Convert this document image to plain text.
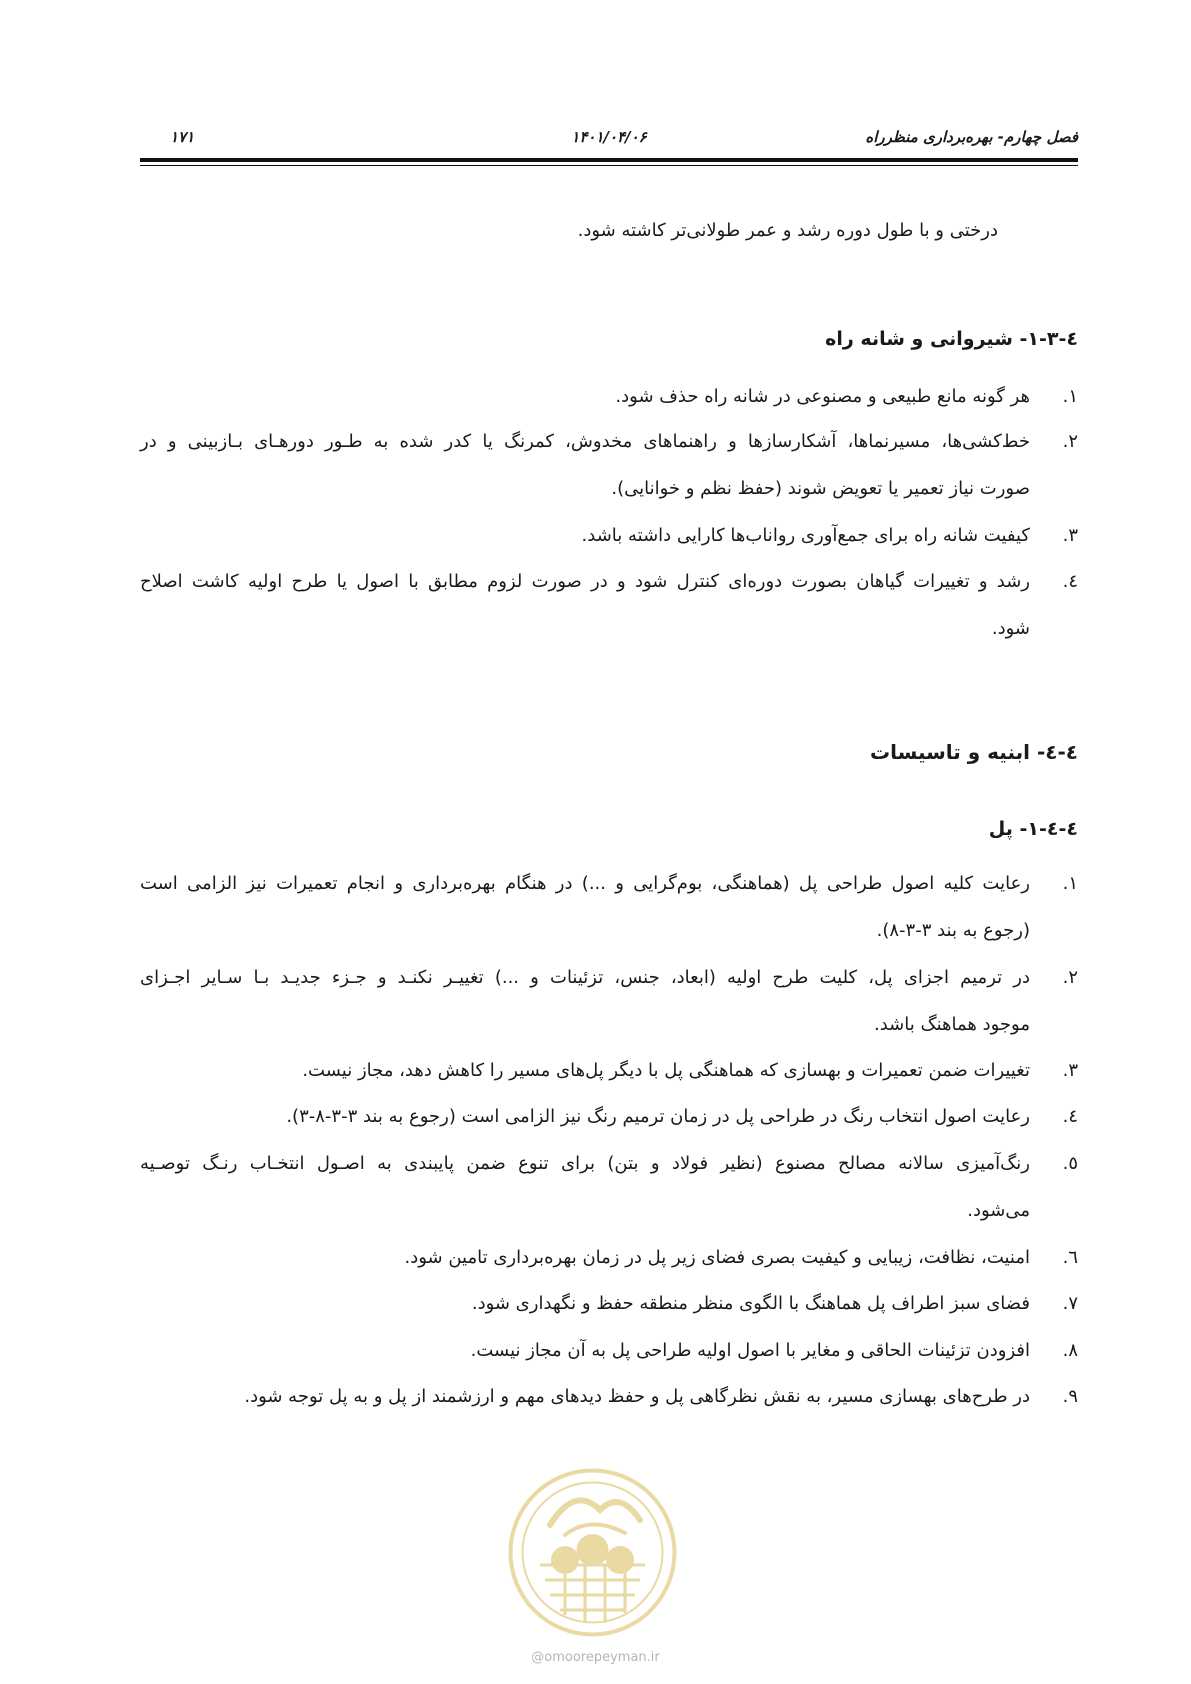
فصل چهارم- بهره‌برداری منظرراه
۱۴۰۱/۰۴/۰۶
۱۷۱
درختی و با طول دوره رشد و عمر طولانی‌تر کاشته شود.
٤-٣-١- شیروانی و شانه راه
١.
هر گونه مانع طبیعی و مصنوعی در شانه راه حذف شود.
٢.
خط‌کشی‌ها، مسیرنماها، آشکارسازها و راهنماهای مخدوش، کمرنگ یا کدر شده به طـور دورهـای بـازبینی و در
صورت نیاز تعمیر یا تعویض شوند (حفظ نظم و خوانایی).
٣.
کیفیت شانه راه برای جمع‌آوری رواناب‌ها کارایی داشته باشد.
٤.
رشد و تغییرات گیاهان بصورت دوره‌ای کنترل شود و در صورت لزوم مطابق با اصول یا طرح اولیه کاشت اصلاح
شود.
٤-٤- ابنیه و تاسیسات
٤-٤-١- پل
١.
رعایت کلیه اصول طراحی پل (هماهنگی، بوم‌گرایی و ...) در هنگام بهره‌برداری و انجام تعمیرات نیز الزامی است
(رجوع به بند ٣-٣-٨).
٢.
در ترمیم اجزای پل، کلیت طرح اولیه (ابعاد، جنس، تزئینات و ...) تغییـر نکنـد و جـزء جدیـد بـا سـایر اجـزای
موجود هماهنگ باشد.
٣.
تغییرات ضمن تعمیرات و بهسازی که هماهنگی پل با دیگر پل‌های مسیر را کاهش دهد، مجاز نیست.
٤.
رعایت اصول انتخاب رنگ در طراحی پل در زمان ترمیم رنگ نیز الزامی است (رجوع به بند ٣-٣-٨-٣).
٥.
رنگ‌آمیزی سالانه مصالح مصنوع (نظیر فولاد و بتن) برای تنوع ضمن پایبندی به اصـول انتخـاب رنـگ توصـیه
می‌شود.
٦.
امنیت، نظافت، زیبایی و کیفیت بصری فضای زیر پل در زمان بهره‌برداری تامین شود.
٧.
فضای سبز اطراف پل هماهنگ با الگوی منظر منطقه حفظ و نگهداری شود.
٨.
افزودن تزئینات الحاقی و مغایر با اصول اولیه طراحی پل به آن مجاز نیست.
٩.
در طرح‌های بهسازی مسیر، به نقش نظرگاهی پل و حفظ دیدهای مهم و ارزشمند از پل و به پل توجه شود.
@omoorepeyman.ir
